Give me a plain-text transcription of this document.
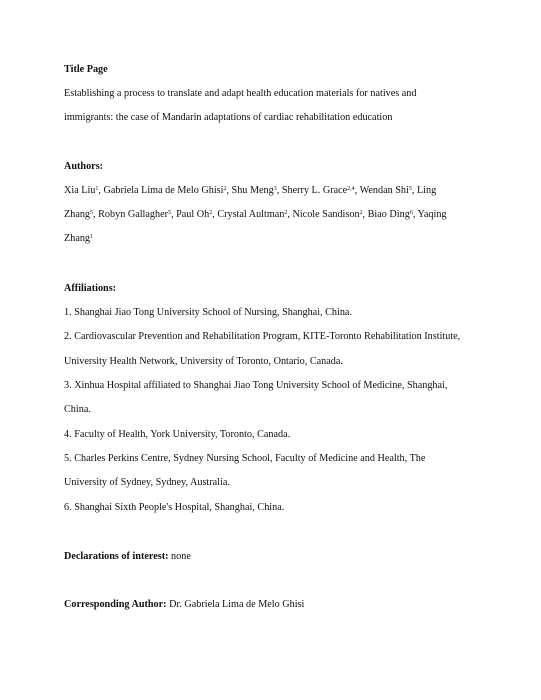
Title Page
Establishing a process to translate and adapt health education materials for natives and
immigrants: the case of Mandarin adaptations of cardiac rehabilitation education
Authors:
Xia Liu$^1$, Gabriela Lima de Melo Ghisi$^2$, Shu Meng$^3$, Sherry L. Grace$^{2,4}$, Wendan Shi$^5$, Ling
Zhang$^5$, Robyn Gallagher$^5$, Paul Oh$^2$, Crystal Aultman$^2$, Nicole Sandison$^2$, Biao Ding$^6$, Yaqing
Zhang$^1$
Affiliations:
1. Shanghai Jiao Tong University School of Nursing, Shanghai, China.
2. Cardiovascular Prevention and Rehabilitation Program, KITE-Toronto Rehabilitation Institute,
University Health Network, University of Toronto, Ontario, Canada.
3. Xinhua Hospital affiliated to Shanghai Jiao Tong University School of Medicine, Shanghai,
China.
4. Faculty of Health, York University, Toronto, Canada.
5. Charles Perkins Centre, Sydney Nursing School, Faculty of Medicine and Health, The
University of Sydney, Sydney, Australia.
6. Shanghai Sixth People's Hospital, Shanghai, China.
Declarations of interest: none
Corresponding Author: Dr. Gabriela Lima de Melo Ghisi
